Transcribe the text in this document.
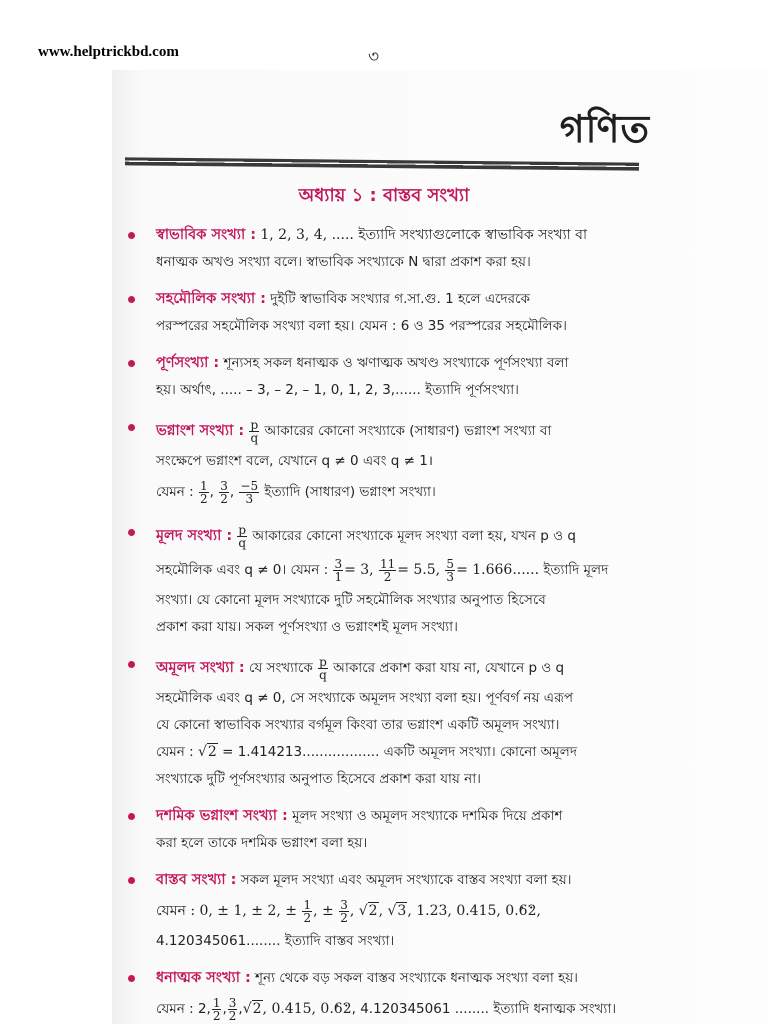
www.helptrickbd.com	৩
গণিত
অধ্যায় ১ : বাস্তব সংখ্যা
স্বাভাবিক সংখ্যা : 1, 2, 3, 4, ..... ইত্যাদি সংখ্যাগুলোকে স্বাভাবিক সংখ্যা বা
ধনাত্মক অখণ্ড সংখ্যা বলে। স্বাভাবিক সংখ্যাকে N দ্বারা প্রকাশ করা হয়।
সহমৌলিক সংখ্যা : দুইটি স্বাভাবিক সংখ্যার গ.সা.গু. 1 হলে এদেরকে
পরস্পরের সহমৌলিক সংখ্যা বলা হয়। যেমন : 6 ও 35 পরস্পরের সহমৌলিক।
পূর্ণসংখ্যা : শূন্যসহ সকল ধনাত্মক ও ঋণাত্মক অখণ্ড সংখ্যাকে পূর্ণসংখ্যা বলা
হয়। অর্থাৎ, ..... – 3, – 2, – 1, 0, 1, 2, 3,...... ইত্যাদি পূর্ণসংখ্যা।
ভগ্নাংশ সংখ্যা : $\frac{p}{q}$ আকারের কোনো সংখ্যাকে (সাধারণ) ভগ্নাংশ সংখ্যা বা
সংক্ষেপে ভগ্নাংশ বলে, যেখানে q ≠ 0 এবং q ≠ 1।
যেমন : $\frac{1}{2}$ , $\frac{3}{2}$ , $\frac{-5}{3}$ ইত্যাদি (সাধারণ) ভগ্নাংশ সংখ্যা।
মূলদ সংখ্যা : $\frac{p}{q}$ আকারের কোনো সংখ্যাকে মূলদ সংখ্যা বলা হয়, যখন p ও q
সহমৌলিক এবং q ≠ 0। যেমন : $\frac{3}{1} = 3$, $\frac{11}{2} = 5.5$, $\frac{5}{3} = 1.666$...... ইত্যাদি মূলদ
সংখ্যা। যে কোনো মূলদ সংখ্যাকে দুটি সহমৌলিক সংখ্যার অনুপাত হিসেবে
প্রকাশ করা যায়। সকল পূর্ণসংখ্যা ও ভগ্নাংশই মূলদ সংখ্যা।
অমূলদ সংখ্যা : যে সংখ্যাকে $\frac{p}{q}$ আকারে প্রকাশ করা যায় না, যেখানে p ও q
সহমৌলিক এবং q ≠ 0, সে সংখ্যাকে অমূলদ সংখ্যা বলা হয়। পূর্ণবর্গ নয় এরূপ
যে কোনো স্বাভাবিক সংখ্যার বর্গমূল কিংবা তার ভগ্নাংশ একটি অমূলদ সংখ্যা।
যেমন : √2 = 1.414213.................. একটি অমূলদ সংখ্যা। কোনো অমূলদ
সংখ্যাকে দুটি পূর্ণসংখ্যার অনুপাত হিসেবে প্রকাশ করা যায় না।
দশমিক ভগ্নাংশ সংখ্যা : মূলদ সংখ্যা ও অমূলদ সংখ্যাকে দশমিক দিয়ে প্রকাশ
করা হলে তাকে দশমিক ভগ্নাংশ বলা হয়।
বাস্তব সংখ্যা : সকল মূলদ সংখ্যা এবং অমূলদ সংখ্যাকে বাস্তব সংখ্যা বলা হয়।
যেমন : 0, ± 1, ± 2, ± $\frac{1}{2}$ , ± $\frac{3}{2}$ , √2, √3, 1.23, 0.415, 0.· 6· 2,
4.120345061........ ইত্যাদি বাস্তব সংখ্যা।
ধনাত্মক সংখ্যা : শূন্য থেকে বড় সকল বাস্তব সংখ্যাকে ধনাত্মক সংখ্যা বলা হয়।
যেমন : 2, $\frac{1}{2}$ , $\frac{3}{2} ,√2$, 0.415, 0.· 6· 2, 4.120345061 ........ ইত্যাদি ধনাত্মক সংখ্যা।
